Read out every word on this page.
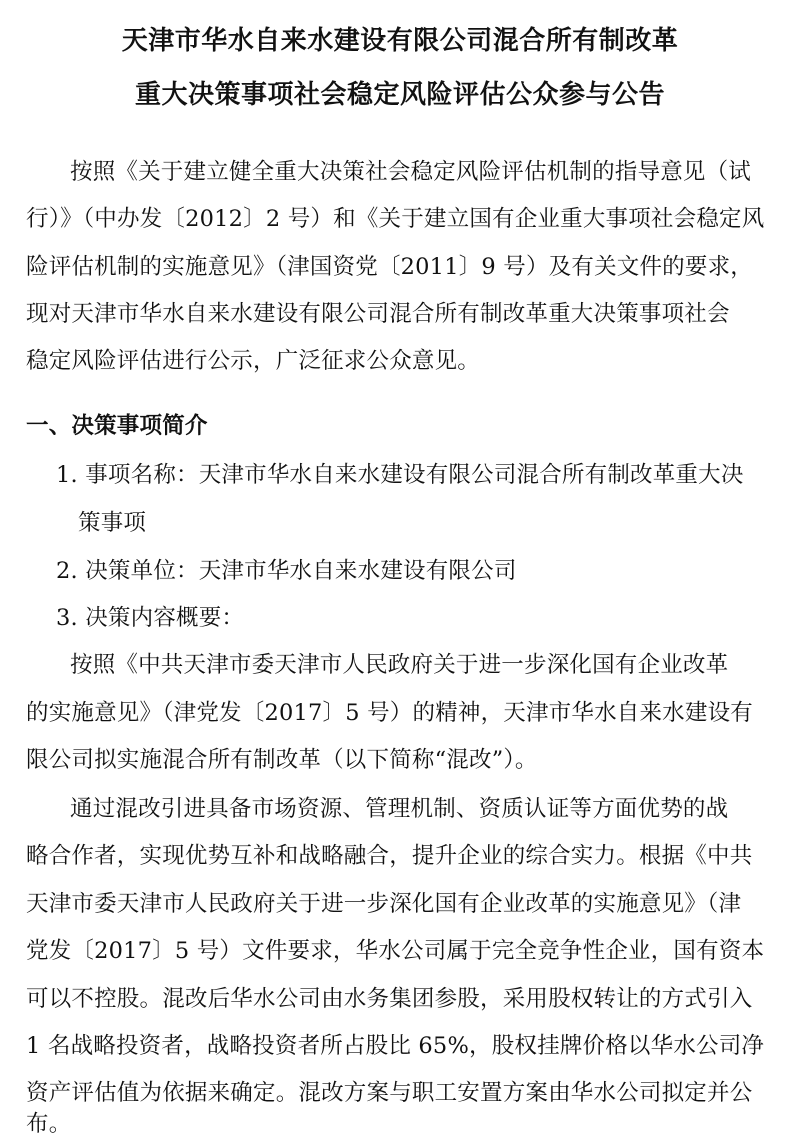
天津市华水自来水建设有限公司混合所有制改革
重大决策事项社会稳定风险评估公众参与公告
按照《关于建立健全重大决策社会稳定风险评估机制的指导意见（试
行）》（中办发〔2012〕2 号）和《关于建立国有企业重大事项社会稳定风
险评估机制的实施意见》（津国资党〔2011〕9 号）及有关文件的要求，
现对天津市华水自来水建设有限公司混合所有制改革重大决策事项社会
稳定风险评估进行公示，广泛征求公众意见。
一、决策事项简介
1. 事项名称：天津市华水自来水建设有限公司混合所有制改革重大决
策事项
2. 决策单位：天津市华水自来水建设有限公司
3. 决策内容概要：
按照《中共天津市委天津市人民政府关于进一步深化国有企业改革
的实施意见》（津党发〔2017〕5 号）的精神，天津市华水自来水建设有
限公司拟实施混合所有制改革（以下简称“混改”）。
通过混改引进具备市场资源、管理机制、资质认证等方面优势的战
略合作者，实现优势互补和战略融合，提升企业的综合实力。根据《中共
天津市委天津市人民政府关于进一步深化国有企业改革的实施意见》（津
党发〔2017〕5 号）文件要求，华水公司属于完全竞争性企业，国有资本
可以不控股。混改后华水公司由水务集团参股，采用股权转让的方式引入
1 名战略投资者，战略投资者所占股比 65%，股权挂牌价格以华水公司净
资产评估值为依据来确定。混改方案与职工安置方案由华水公司拟定并公
布。
